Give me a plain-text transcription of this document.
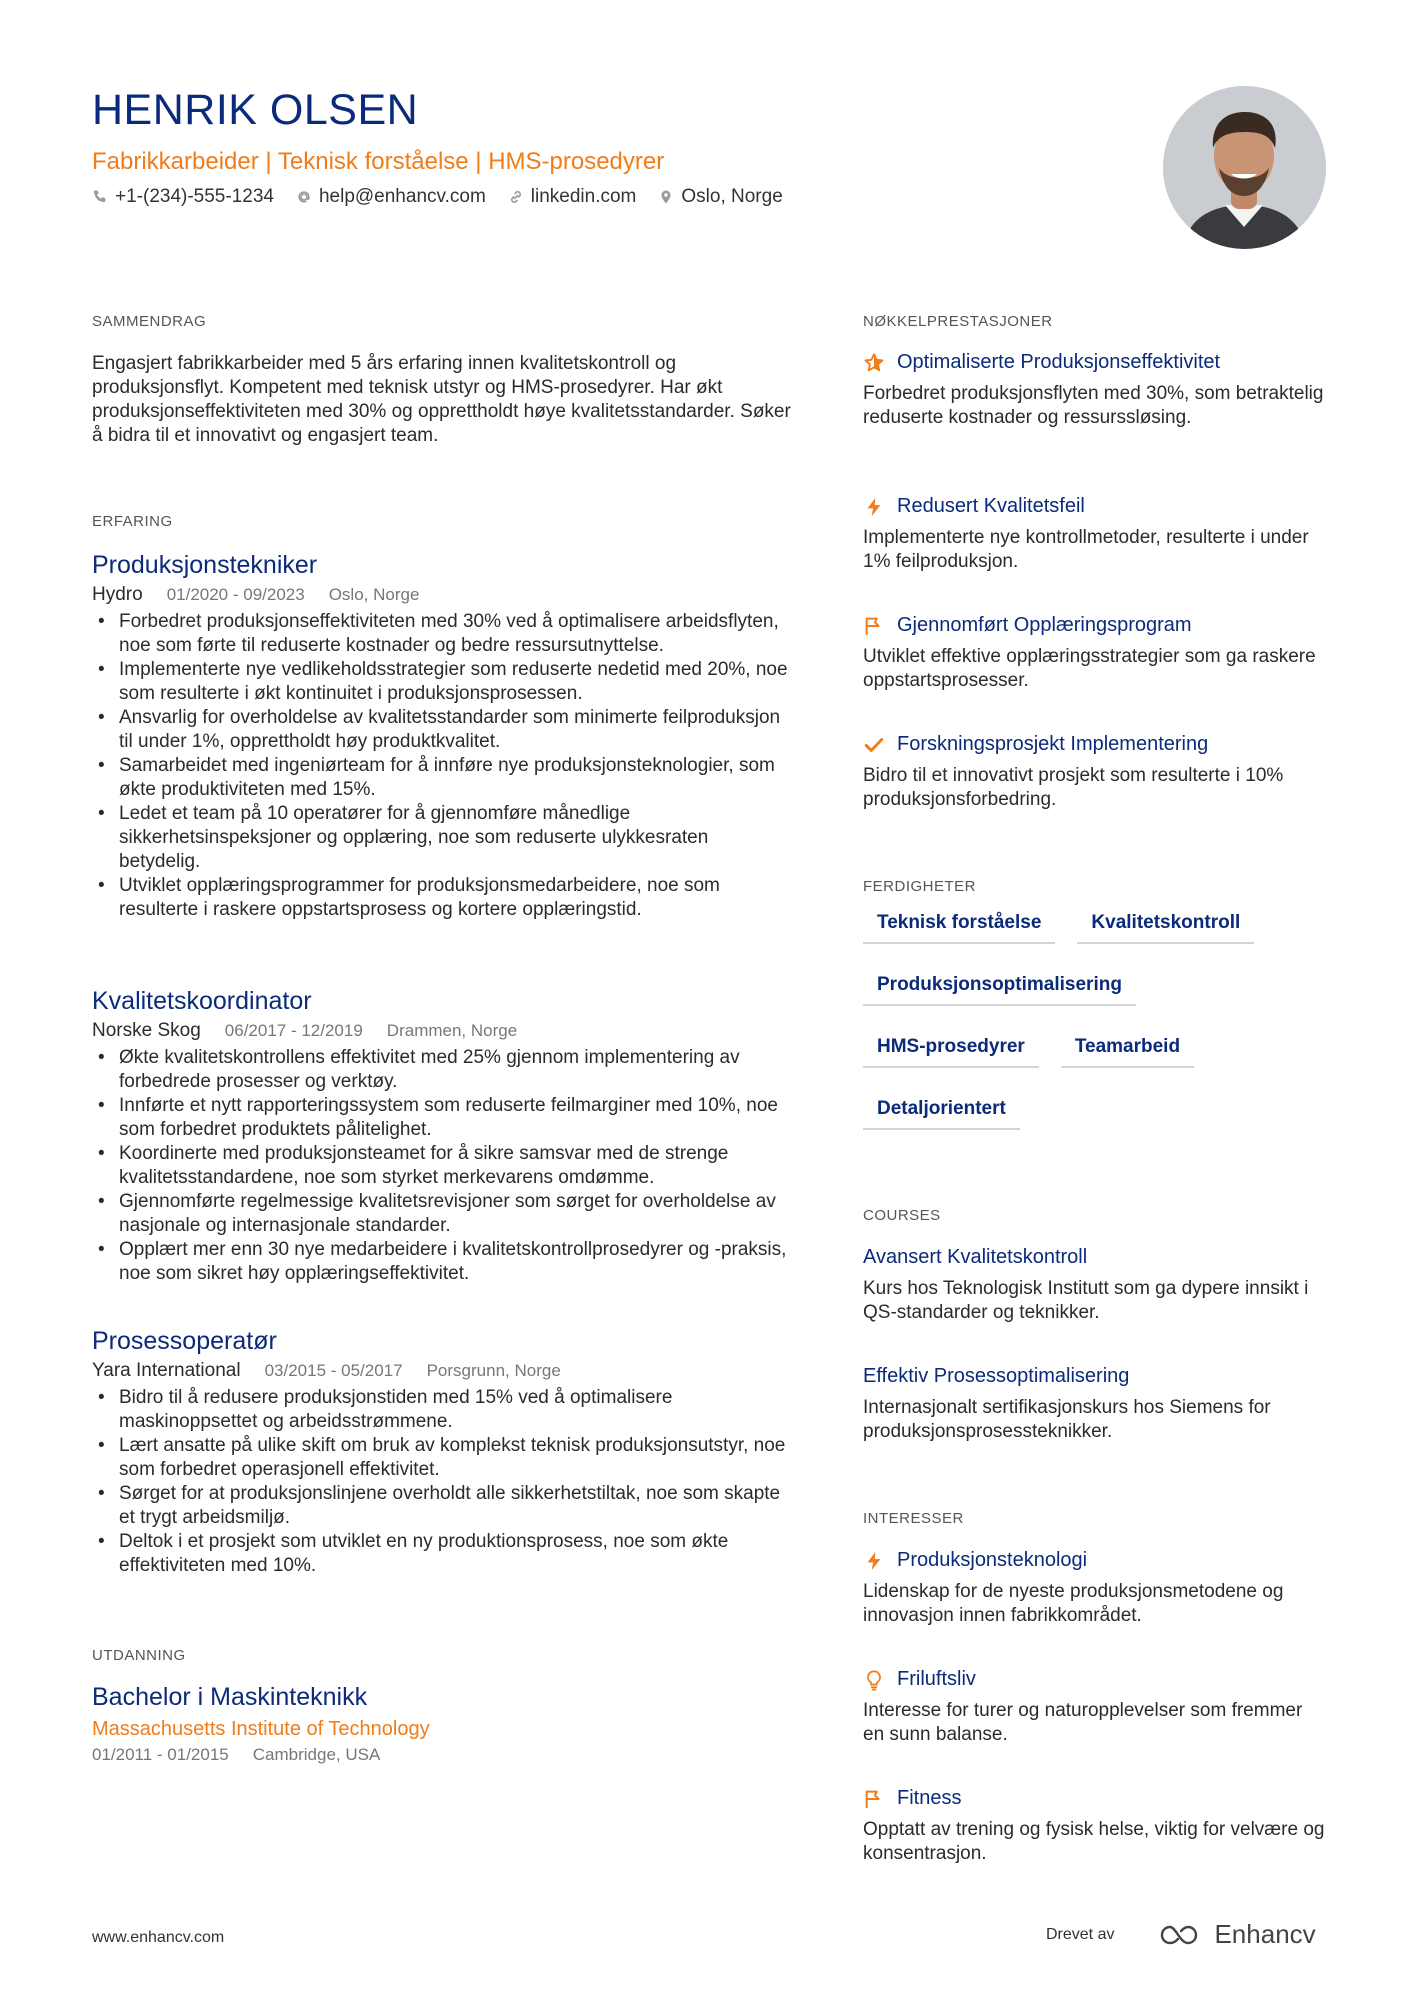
HENRIK OLSEN
Fabrikkarbeider | Teknisk forståelse | HMS-prosedyrer
+1-(234)-555-1234 help@enhancv.com linkedin.com Oslo, Norge
SAMMENDRAG
Engasjert fabrikkarbeider med 5 års erfaring innen kvalitetskontroll og produksjonsflyt. Kompetent med teknisk utstyr og HMS-prosedyrer. Har økt produksjonseffektiviteten med 30% og opprettholdt høye kvalitetsstandarder. Søker å bidra til et innovativt og engasjert team.
ERFARING
Produksjonstekniker
Hydro 01/2020 - 09/2023 Oslo, Norge
• Forbedret produksjonseffektiviteten med 30% ved å optimalisere arbeidsflyten, noe som førte til reduserte kostnader og bedre ressursutnyttelse.
• Implementerte nye vedlikeholdsstrategier som reduserte nedetid med 20%, noe som resulterte i økt kontinuitet i produksjonsprosessen.
• Ansvarlig for overholdelse av kvalitetsstandarder som minimerte feilproduksjon til under 1%, opprettholdt høy produktkvalitet.
• Samarbeidet med ingeniørteam for å innføre nye produksjonsteknologier, som økte produktiviteten med 15%.
• Ledet et team på 10 operatører for å gjennomføre månedlige sikkerhetsinspeksjoner og opplæring, noe som reduserte ulykkesraten betydelig.
• Utviklet opplæringsprogrammer for produksjonsmedarbeidere, noe som resulterte i raskere oppstartsprosess og kortere opplæringstid.
Kvalitetskoordinator
Norske Skog 06/2017 - 12/2019 Drammen, Norge
• Økte kvalitetskontrollens effektivitet med 25% gjennom implementering av forbedrede prosesser og verktøy.
• Innførte et nytt rapporteringssystem som reduserte feilmarginer med 10%, noe som forbedret produktets pålitelighet.
• Koordinerte med produksjonsteamet for å sikre samsvar med de strenge kvalitetsstandardene, noe som styrket merkevarens omdømme.
• Gjennomførte regelmessige kvalitetsrevisjoner som sørget for overholdelse av nasjonale og internasjonale standarder.
• Opplært mer enn 30 nye medarbeidere i kvalitetskontrollprosedyrer og -praksis, noe som sikret høy opplæringseffektivitet.
Prosessoperatør
Yara International 03/2015 - 05/2017 Porsgrunn, Norge
• Bidro til å redusere produksjonstiden med 15% ved å optimalisere maskinoppsettet og arbeidsstrømmene.
• Lært ansatte på ulike skift om bruk av komplekst teknisk produksjonsutstyr, noe som forbedret operasjonell effektivitet.
• Sørget for at produksjonslinjene overholdt alle sikkerhetstiltak, noe som skapte et trygt arbeidsmiljø.
• Deltok i et prosjekt som utviklet en ny produktionsprosess, noe som økte effektiviteten med 10%.
UTDANNING
Bachelor i Maskinteknikk
Massachusetts Institute of Technology
01/2011 - 01/2015 Cambridge, USA
NØKKELPRESTASJONER
Optimaliserte Produksjonseffektivitet
Forbedret produksjonsflyten med 30%, som betraktelig reduserte kostnader og ressurssløsing.
Redusert Kvalitetsfeil
Implementerte nye kontrollmetoder, resulterte i under 1% feilproduksjon.
Gjennomført Opplæringsprogram
Utviklet effektive opplæringsstrategier som ga raskere oppstartsprosesser.
Forskningsprosjekt Implementering
Bidro til et innovativt prosjekt som resulterte i 10% produksjonsforbedring.
FERDIGHETER
Teknisk forståelse	Kvalitetskontroll
Produksjonsoptimalisering
HMS-prosedyrer	Teamarbeid
Detaljorientert
COURSES
Avansert Kvalitetskontroll
Kurs hos Teknologisk Institutt som ga dypere innsikt i QS-standarder og teknikker.
Effektiv Prosessoptimalisering
Internasjonalt sertifikasjonskurs hos Siemens for produksjonsprosessteknikker.
INTERESSER
Produksjonsteknologi
Lidenskap for de nyeste produksjonsmetodene og innovasjon innen fabrikkområdet.
Friluftsliv
Interesse for turer og naturopplevelser som fremmer en sunn balanse.
Fitness
Opptatt av trening og fysisk helse, viktig for velvære og konsentrasjon.
www.enhancv.com	Drevet av	Enhancv
